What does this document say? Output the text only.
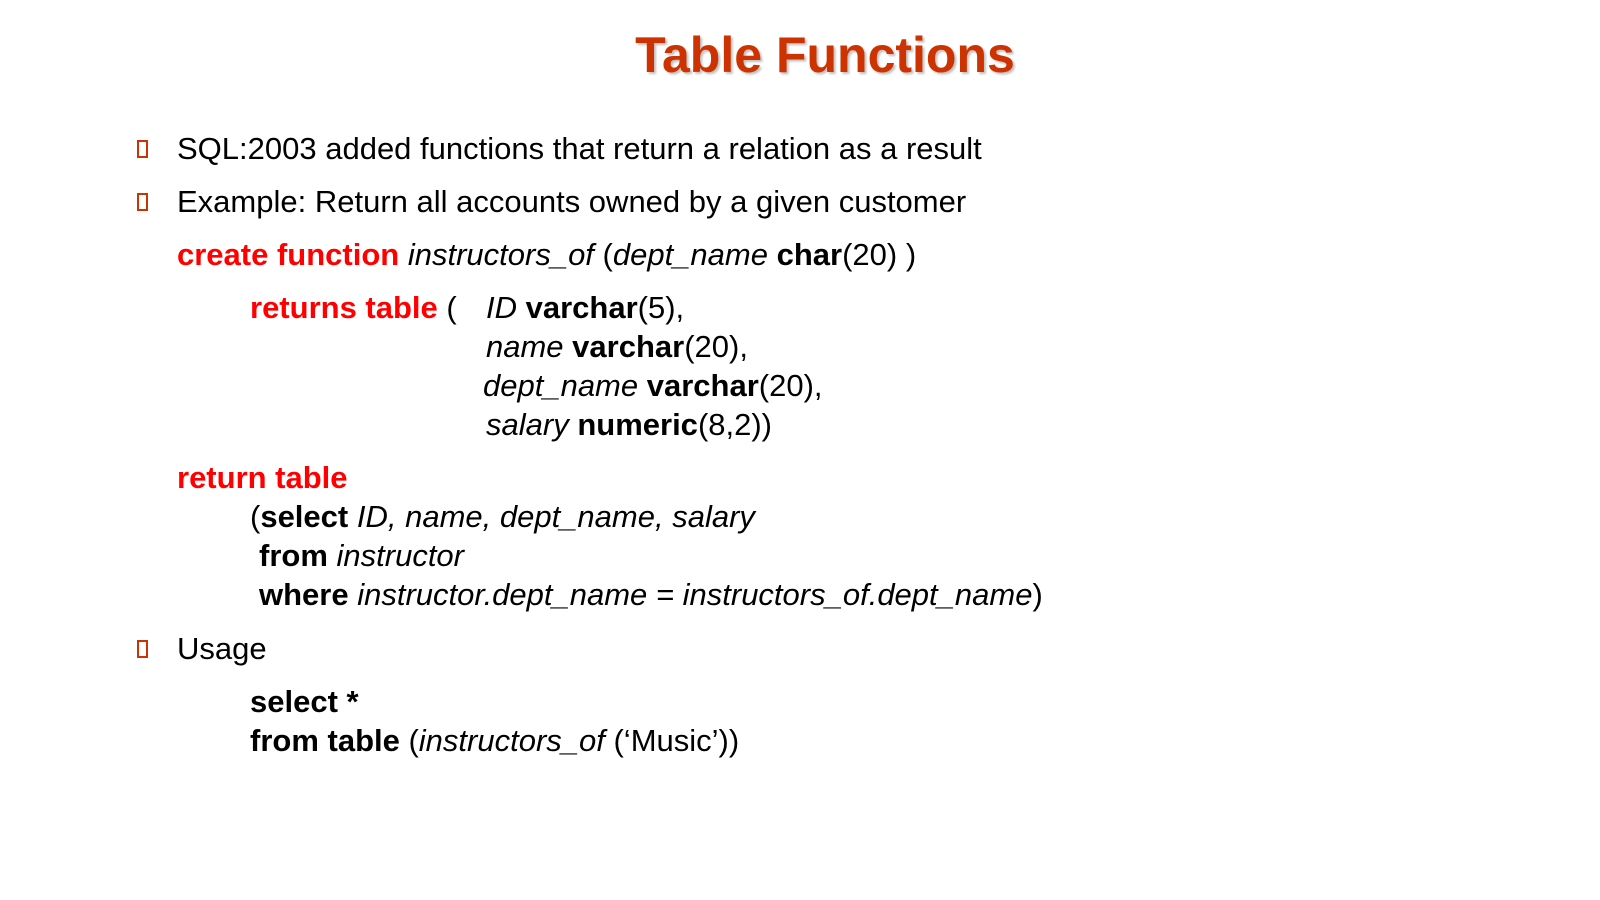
Table Functions
SQL:2003 added functions that return a relation as a result
Example: Return all accounts owned by a given customer
create function instructors_of (dept_name char(20) )
returns table ( ID varchar(5),
name varchar(20),
dept_name varchar(20),
salary numeric(8,2))
return table
(select ID, name, dept_name, salary
from instructor
where instructor.dept_name = instructors_of.dept_name)
Usage
select *
from table (instructors_of (‘Music’))
